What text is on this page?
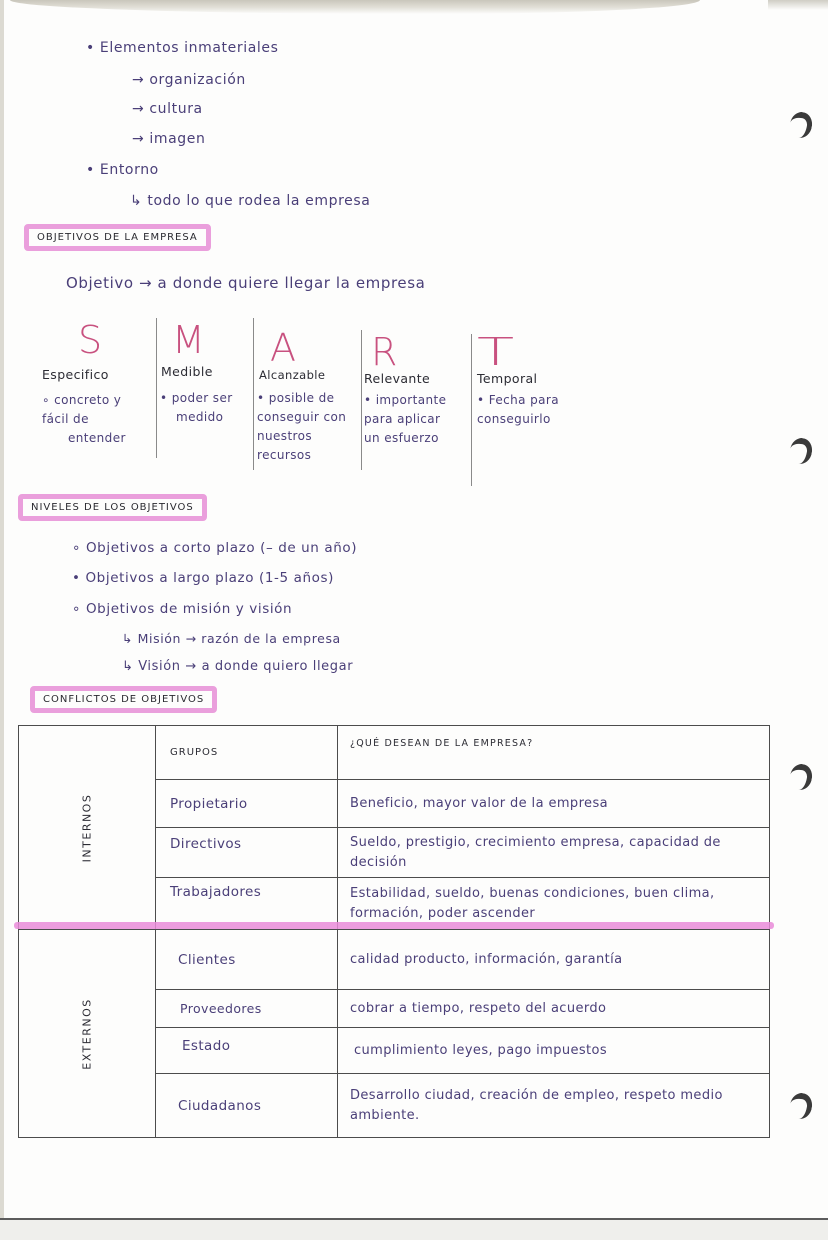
• Elementos inmateriales
→ organización
→ cultura
→ imagen
• Entorno
↳ todo lo que rodea la empresa
OBJETIVOS DE LA EMPRESA
Objetivo → a donde quiere llegar la empresa
S
Especifico
∘ concreto y
fácil de
entender
M
Medible
• poder ser
medido
A
Alcanzable
• posible de
conseguir con
nuestros
recursos
R
Relevante
• importante
para aplicar
un esfuerzo
T
Temporal
• Fecha para
conseguirlo
NIVELES DE LOS OBJETIVOS
∘ Objetivos a corto plazo (– de un año)
• Objetivos a largo plazo (1-5 años)
∘ Objetivos de misión y visión
↳ Misión → razón de la empresa
↳ Visión → a donde quiero llegar
CONFLICTOS DE OBJETIVOS
INTERNOS	GRUPOS	¿QUÉ DESEAN DE LA EMPRESA?
	Propietario	Beneficio, mayor valor de la empresa
	Directivos	Sueldo, prestigio, crecimiento empresa, capacidad de decisión
	Trabajadores	Estabilidad, sueldo, buenas condiciones, buen clima, formación, poder ascender

EXTERNOS	Clientes	calidad producto, información, garantía
	Proveedores	cobrar a tiempo, respeto del acuerdo
	Estado	cumplimiento leyes, pago impuestos
	Ciudadanos	Desarrollo ciudad, creación de empleo, respeto medio ambiente.
